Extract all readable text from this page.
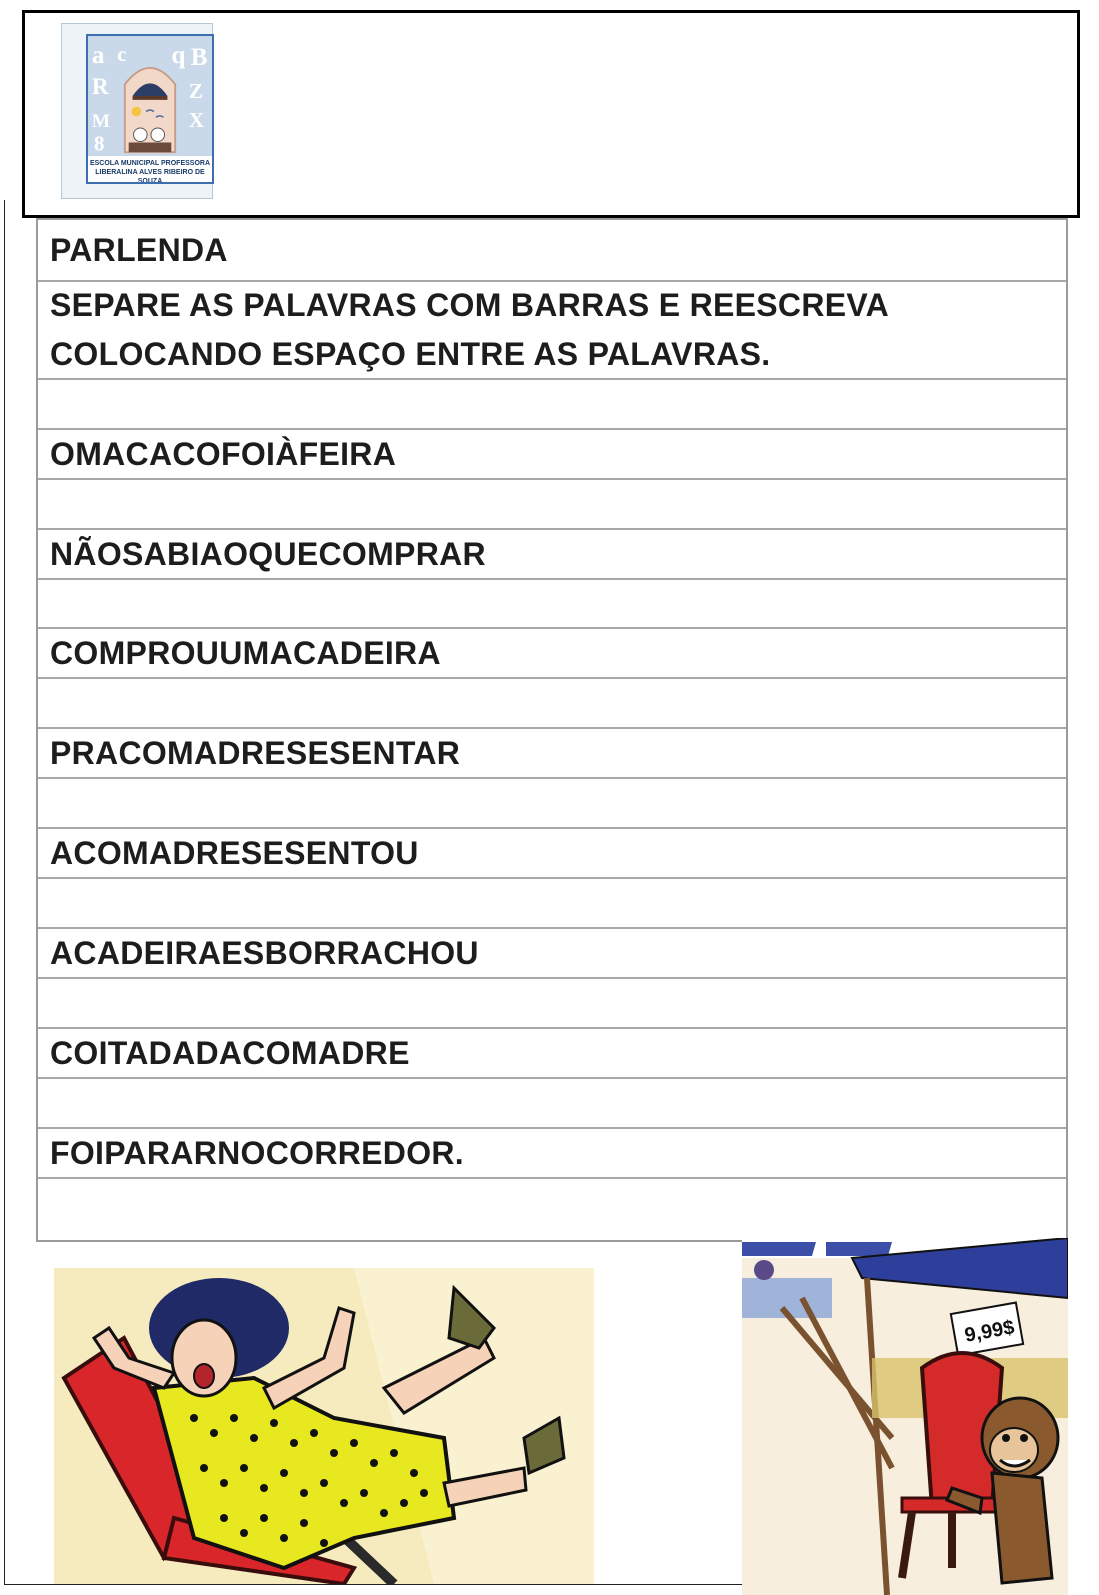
a c q B
R	Z
X
M
8
ESCOLA MUNICIPAL PROFESSORA
LIBERALINA ALVES RIBEIRO DE SOUZA
PARLENDA
SEPARE AS PALAVRAS COM BARRAS E REESCREVA
COLOCANDO ESPAÇO ENTRE AS PALAVRAS.
OMACACOFOIÀFEIRA
NÃOSABIAOQUECOMPRAR
COMPROUUMACADEIRA
PRACOMADRESESENTAR
ACOMADRESESENTOU
ACADEIRAESBORRACHOU
COITADADACOMADRE
FOIPARARNOCORREDOR.
9,99$
